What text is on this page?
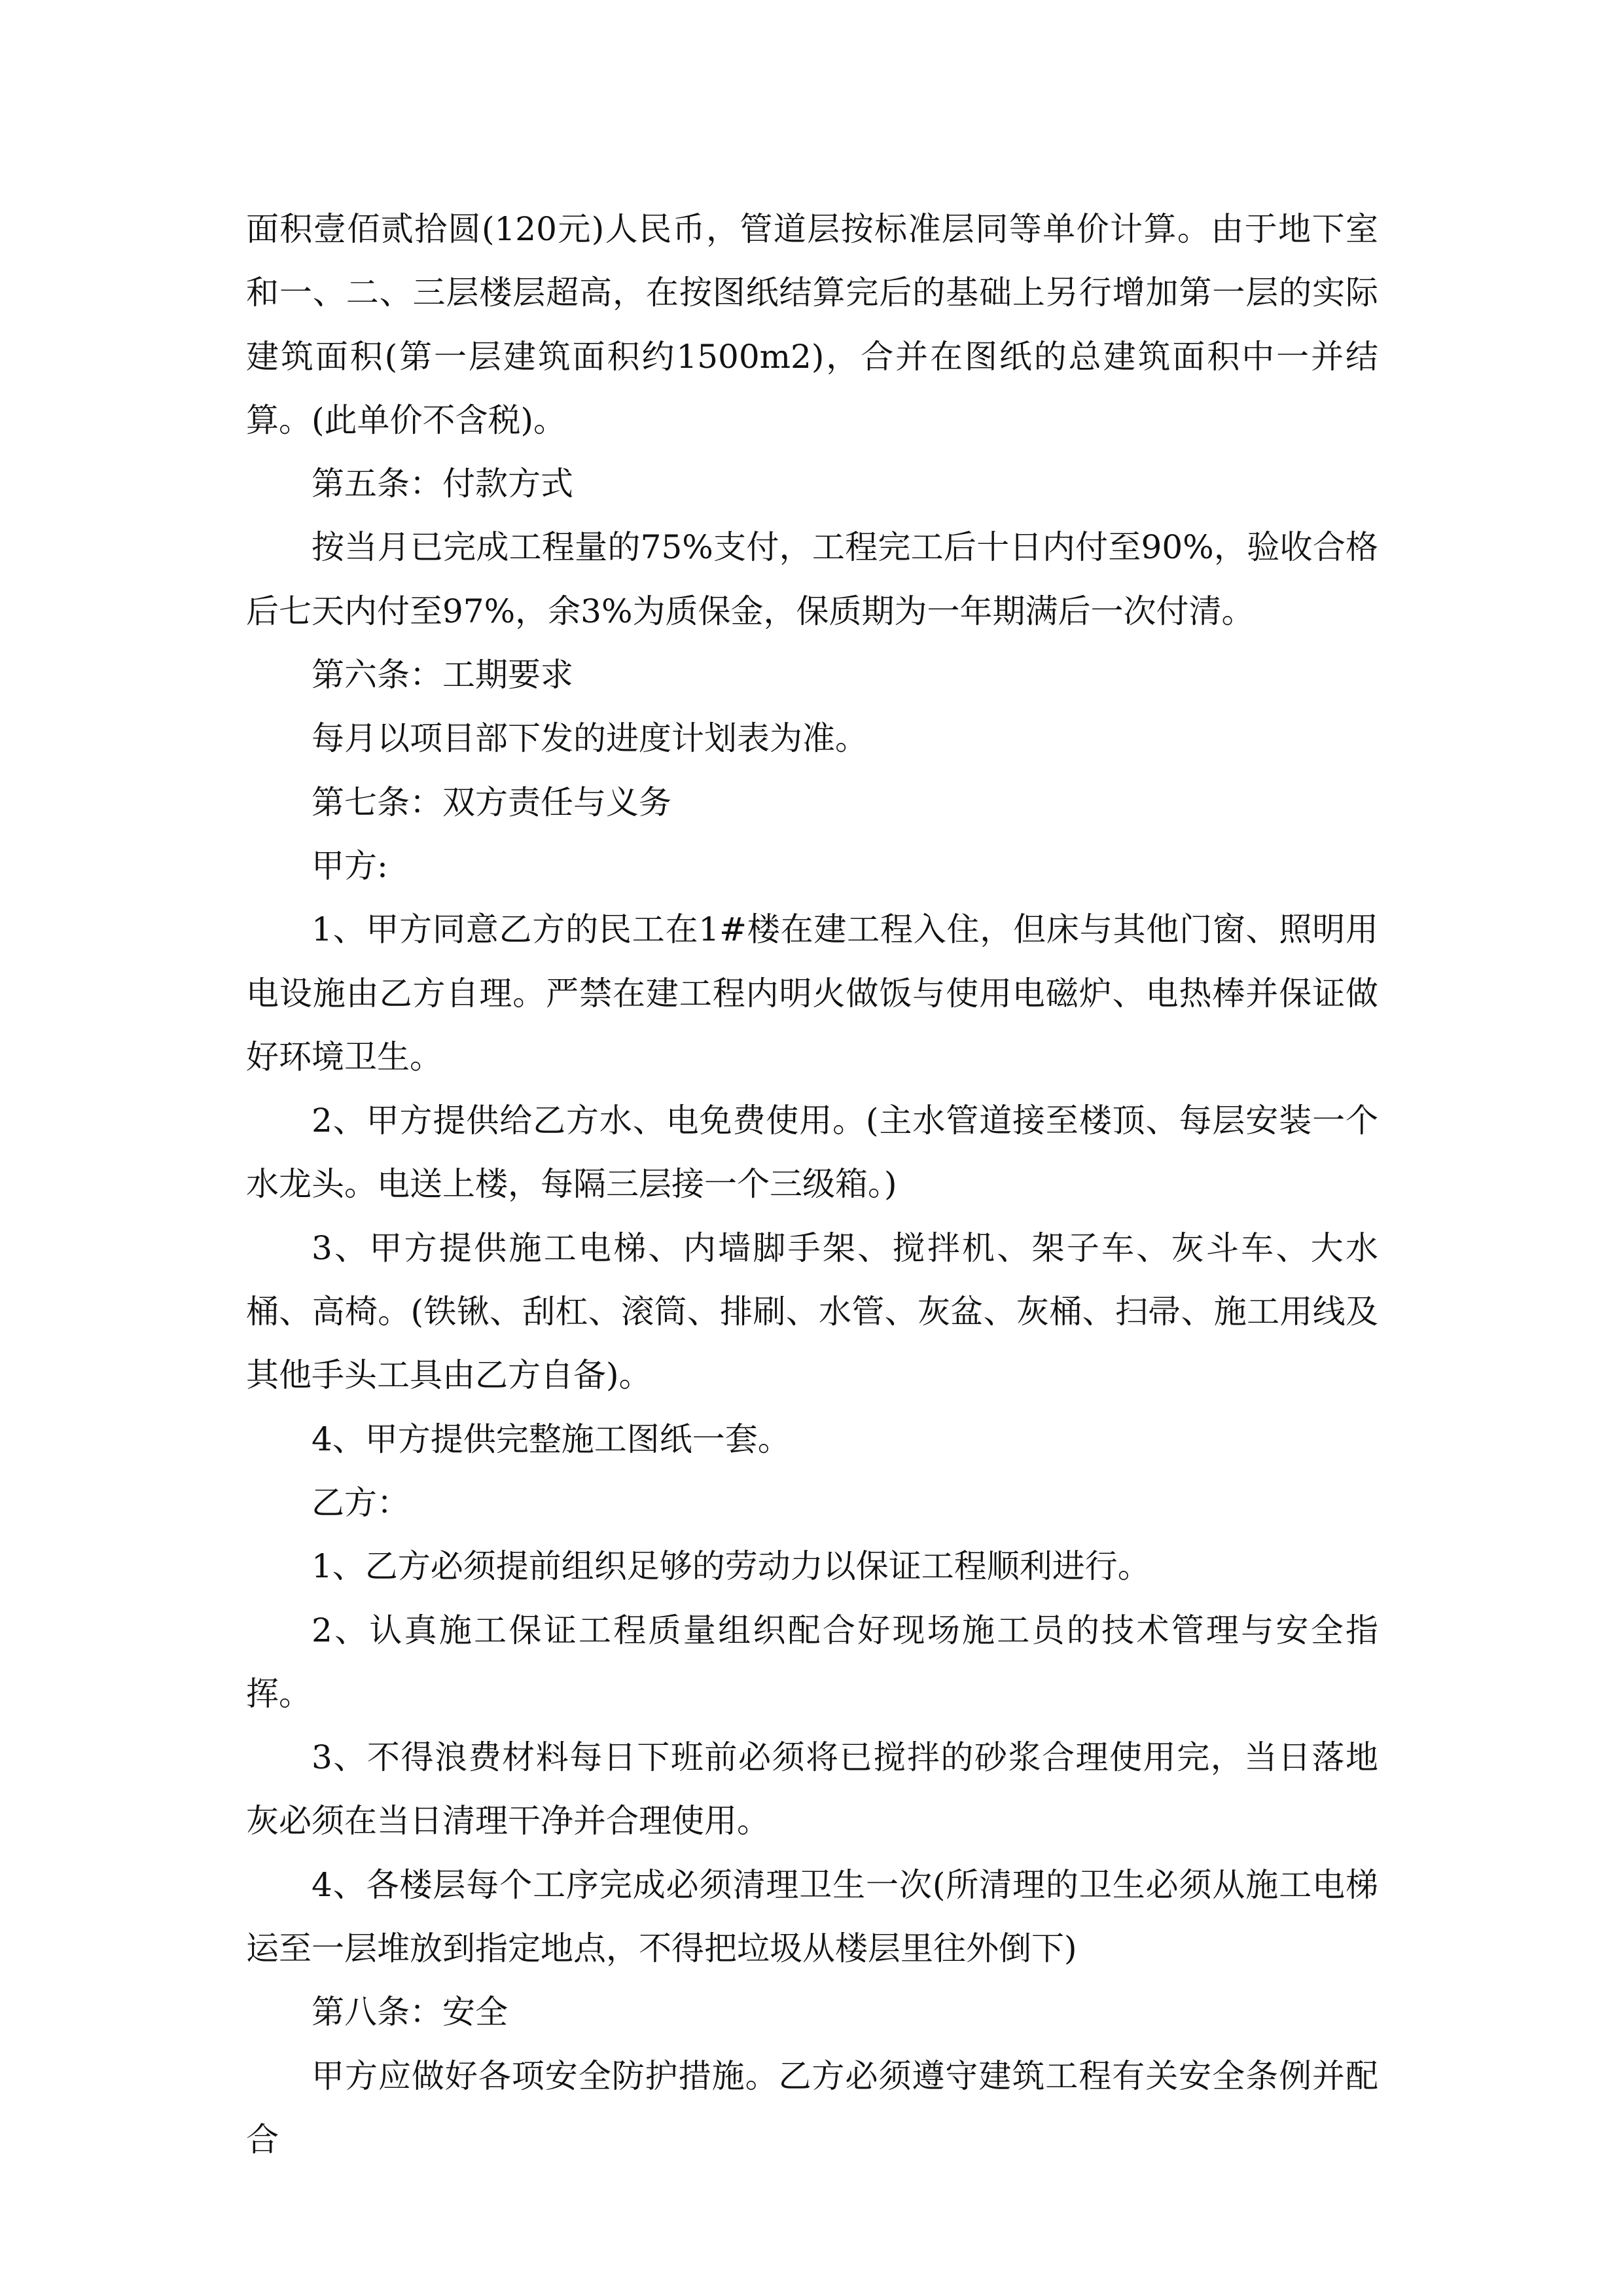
面积壹佰贰拾圆(120元)人民币，管道层按标准层同等单价计算。由于地下室和一、二、三层楼层超高，在按图纸结算完后的基础上另行增加第一层的实际建筑面积(第一层建筑面积约1500m2)，合并在图纸的总建筑面积中一并结算。(此单价不含税)。

第五条：付款方式

按当月已完成工程量的75%支付，工程完工后十日内付至90%，验收合格后七天内付至97%，余3%为质保金，保质期为一年期满后一次付清。

第六条：工期要求

每月以项目部下发的进度计划表为准。

第七条：双方责任与义务

甲方:

1、甲方同意乙方的民工在1#楼在建工程入住，但床与其他门窗、照明用电设施由乙方自理。严禁在建工程内明火做饭与使用电磁炉、电热棒并保证做好环境卫生。

2、甲方提供给乙方水、电免费使用。(主水管道接至楼顶、每层安装一个水龙头。电送上楼，每隔三层接一个三级箱。)

3、甲方提供施工电梯、内墙脚手架、搅拌机、架子车、灰斗车、大水桶、高椅。(铁锹、刮杠、滚筒、排刷、水管、灰盆、灰桶、扫帚、施工用线及其他手头工具由乙方自备)。

4、甲方提供完整施工图纸一套。

乙方：

1、乙方必须提前组织足够的劳动力以保证工程顺利进行。

2、认真施工保证工程质量组织配合好现场施工员的技术管理与安全指挥。

3、不得浪费材料每日下班前必须将已搅拌的砂浆合理使用完，当日落地灰必须在当日清理干净并合理使用。

4、各楼层每个工序完成必须清理卫生一次(所清理的卫生必须从施工电梯运至一层堆放到指定地点，不得把垃圾从楼层里往外倒下)

第八条：安全

甲方应做好各项安全防护措施。乙方必须遵守建筑工程有关安全条例并配合
